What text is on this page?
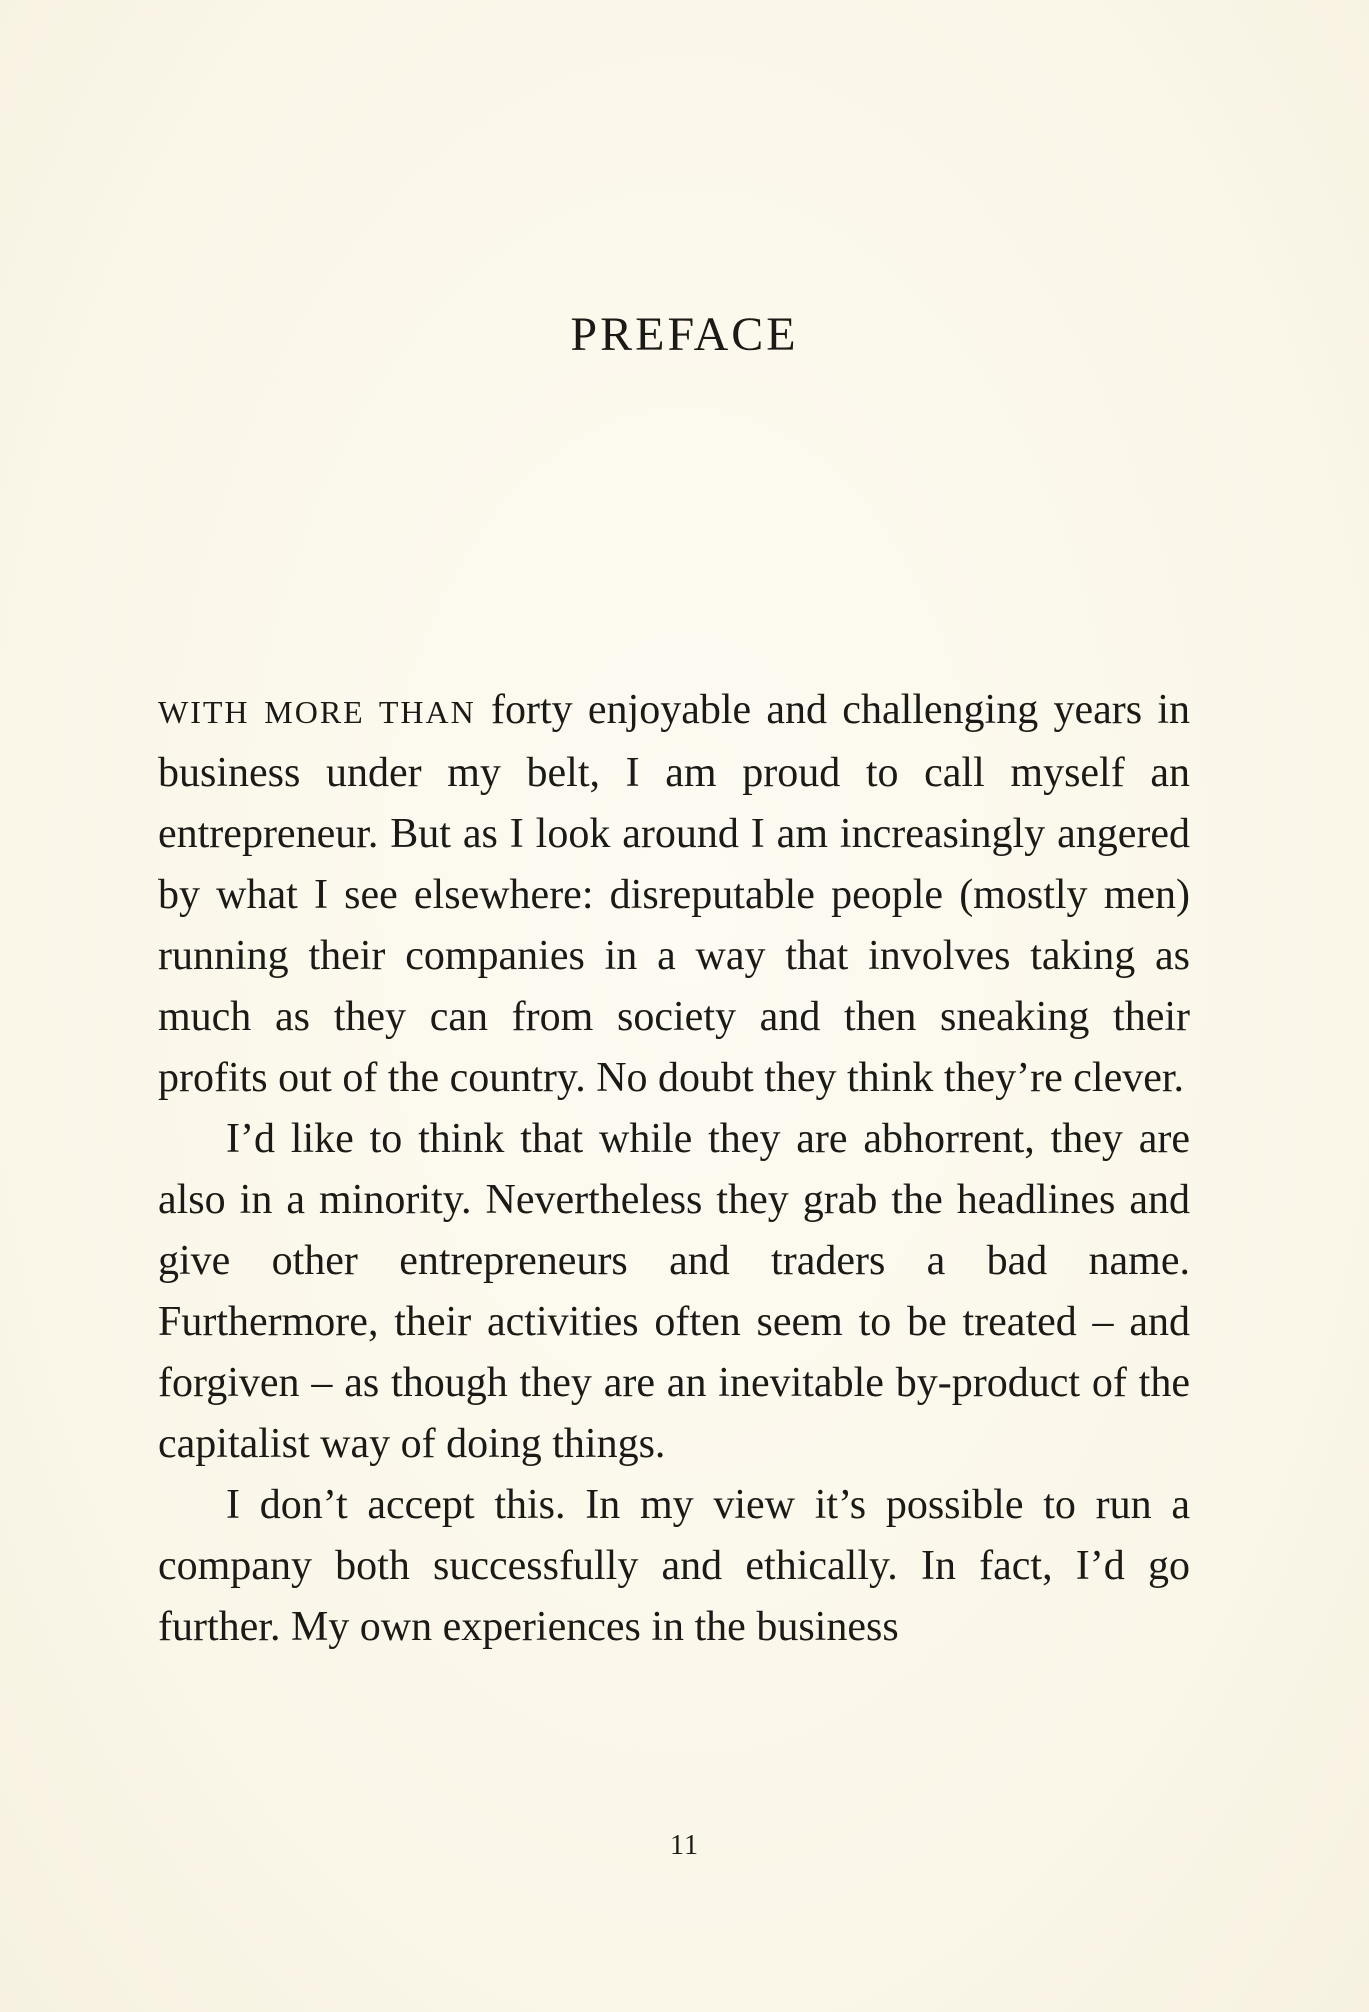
PREFACE

WITH MORE THAN forty enjoyable and challenging years in business under my belt, I am proud to call myself an entrepreneur. But as I look around I am increasingly angered by what I see elsewhere: disreputable people (mostly men) running their companies in a way that involves taking as much as they can from society and then sneaking their profits out of the country. No doubt they think they’re clever.

I’d like to think that while they are abhorrent, they are also in a minority. Nevertheless they grab the headlines and give other entrepreneurs and traders a bad name. Furthermore, their activities often seem to be treated – and forgiven – as though they are an inevitable by-product of the capitalist way of doing things.

I don’t accept this. In my view it’s possible to run a company both successfully and ethically. In fact, I’d go further. My own experiences in the business

11
